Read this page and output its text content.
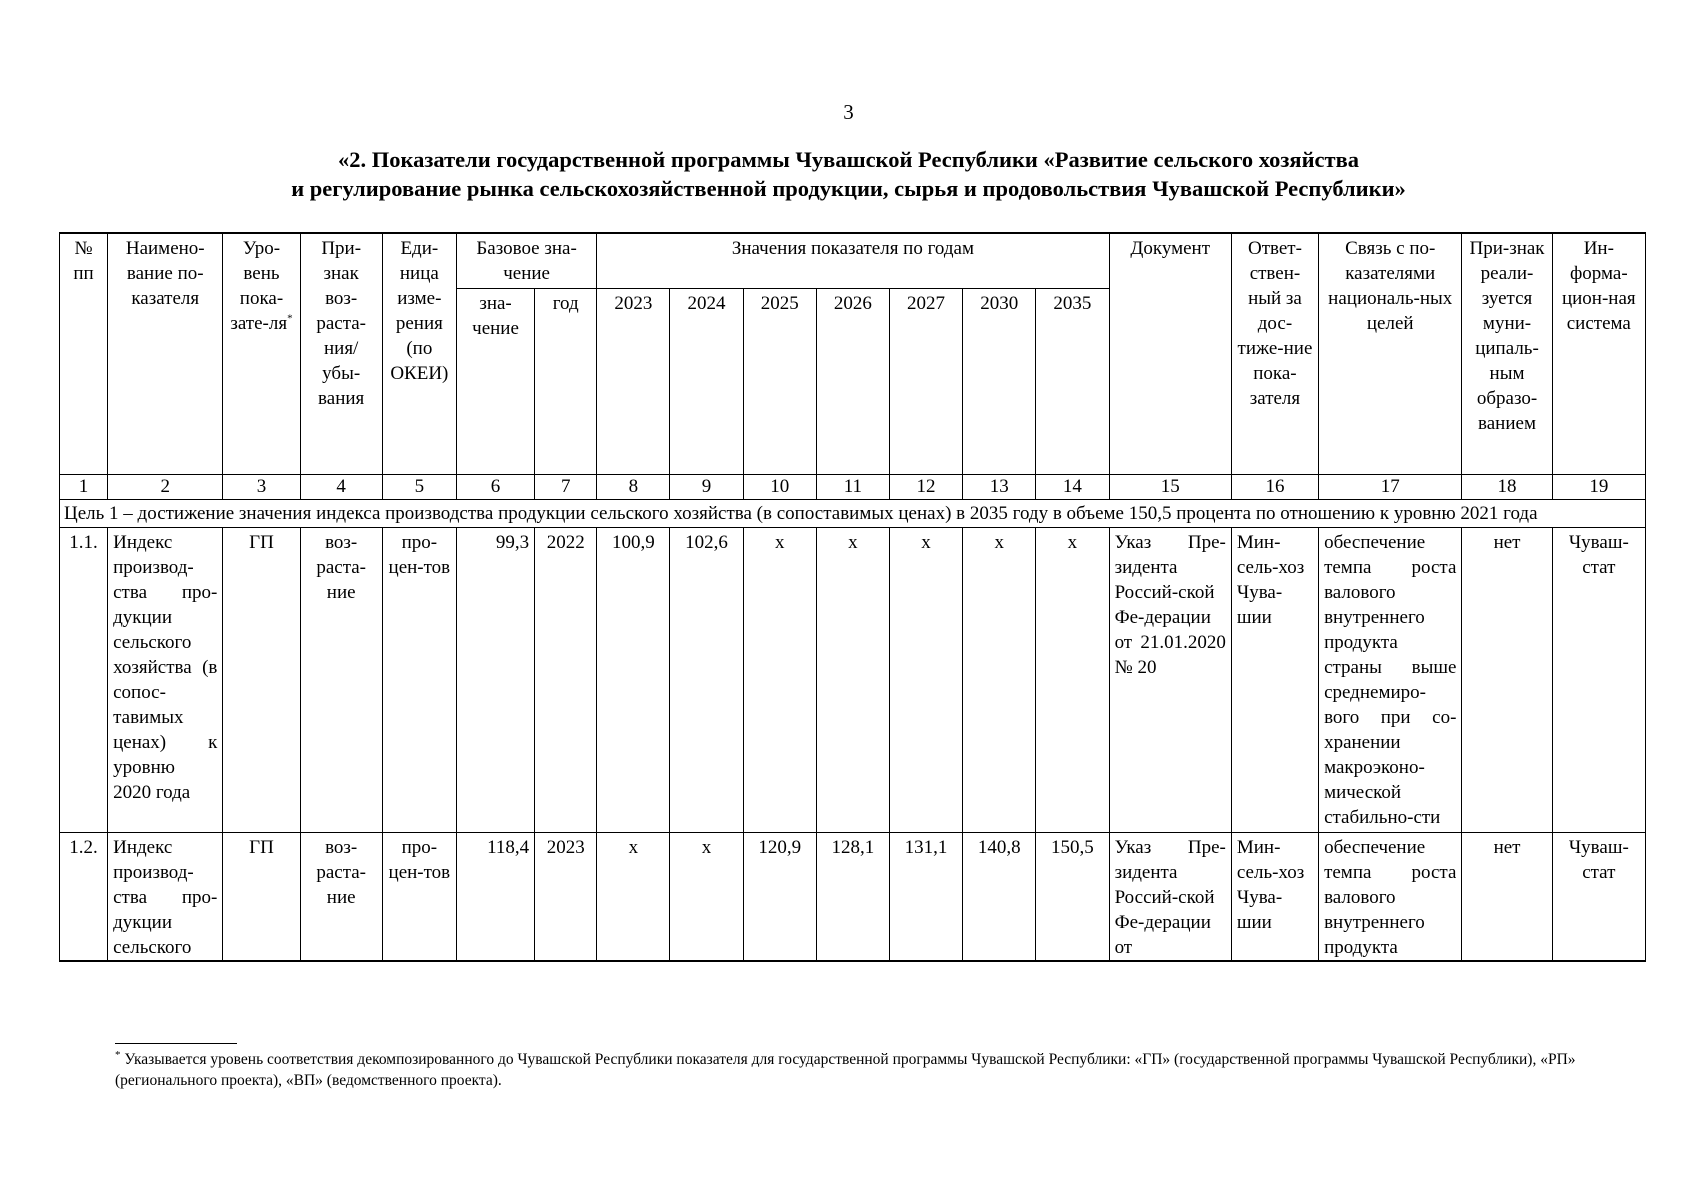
3
«2. Показатели государственной программы Чувашской Республики «Развитие сельского хозяйства
и регулирование рынка сельскохозяйственной продукции, сырья и продовольствия Чувашской Республики»
№ пп	Наимено-вание по-казателя	Уро-вень пока-зате-ля*	При-знак воз-раста-ния/ убы-вания	Еди-ница изме-рения (по ОКЕИ)	Базовое зна-чение		Значения показателя по годам							Документ	Ответ-ствен-ный за дос-тиже-ние пока-зателя	Связь с по-казателями националь-ных целей	При-знак реали-зуется муни-ципаль-ным образо-ванием	Ин-форма-цион-ная система
					зна-чение	год	2023	2024	2025	2026	2027	2030	2035					
1	2	3	4	5	6	7	8	9	10	11	12	13	14	15	16	17	18	19
Цель 1 – достижение значения индекса производства продукции сельского хозяйства (в сопоставимых ценах) в 2035 году в объеме 150,5 процента по отношению к уровню 2021 года																		
1.1.	Индекс производ-ства про-дукции сельского хозяйства (в сопос-тавимых ценах) к уровню 2020 года	ГП	воз-раста-ние	про-цен-тов	99,3	2022	100,9	102,6	х	х	х	х	х	Указ Пре-зидента Россий-ской Фе-дерации от 21.01.2020 № 20	Мин-сель-хоз Чува-шии	обеспечение темпа роста валового внутреннего продукта страны выше среднемиро-вого при со-хранении макроэконо-мической стабильно-сти	нет	Чуваш-стат

1.2.	Индекс производ-ства про-дукции сельского	ГП	воз-раста-ние	про-цен-тов	118,4	2023	х	х	120,9	128,1	131,1	140,8	150,5	Указ Пре-зидента Россий-ской Фе-дерации от	Мин-сель-хоз Чува-шии	обеспечение темпа роста валового внутреннего продукта	нет	Чуваш-стат
* Указывается уровень соответствия декомпозированного до Чувашской Республики показателя для государственной программы Чувашской Республики: «ГП» (государственной программы Чувашской Республики), «РП» (регионального проекта), «ВП» (ведомственного проекта).
